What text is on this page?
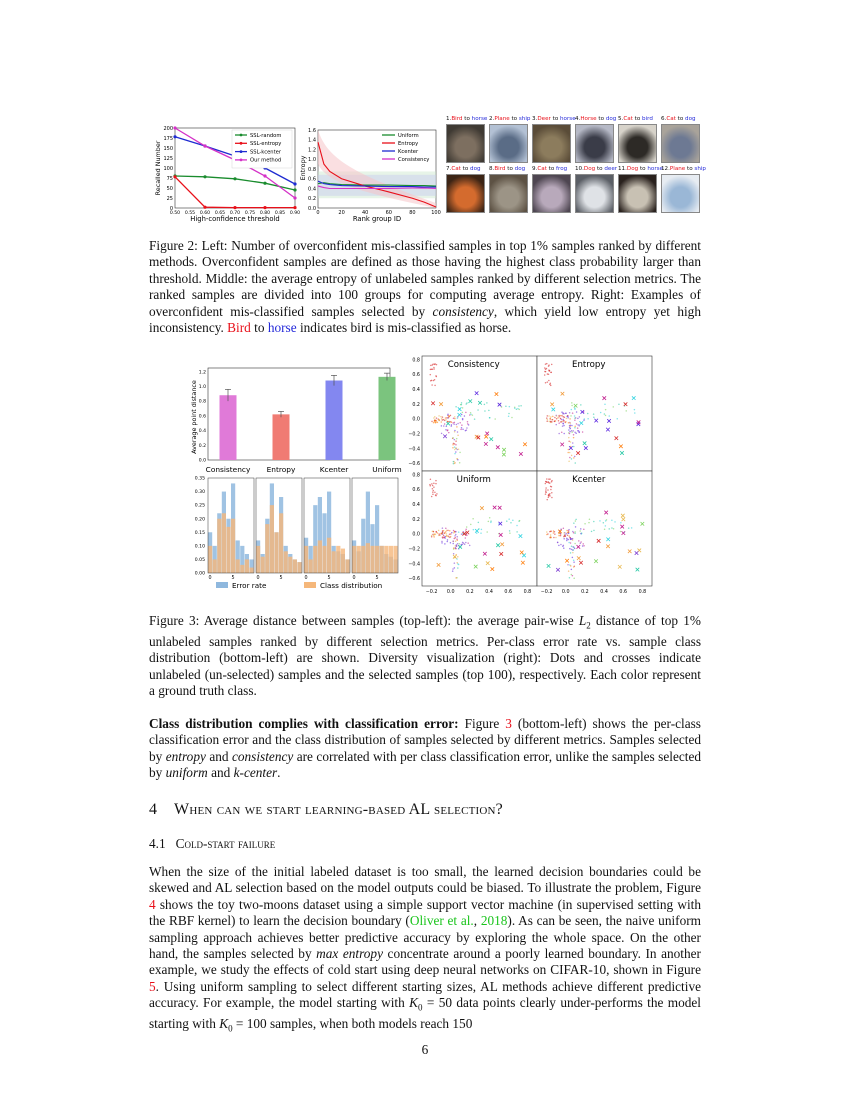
0
25
50
75
100
125
150
175
200
0.50 0.55 0.60 0.65 0.70 0.75 0.80 0.85 0.90
SSL-random
SSL-entropy
SSL-kcenter
Our method
Recalled Number
High-confidence threshold
0.0
0.2
0.4
0.6
0.8
1.0
1.2
1.4
1.6
0	20	40	60	80	100
Uniform
Entropy
Kcenter
Consistency
Entropy
Rank group ID
1.Bird to horse 2.Plane to ship 3.Deer to horse 4.Horse to dog 5.Cat to bird 6.Cat to dog
7.Cat to dog 8.Bird to dog 9.Cat to frog 10.Dog to deer 11.Dog to horse
12.Plane to ship
Figure 2: Left: Number of overconfident mis-classified samples in top 1% samples ranked by different methods. Overconfident samples are defined as those having the highest class probability larger than threshold. Middle: the average entropy of unlabeled samples ranked by different selection metrics. The ranked samples are divided into 100 groups for computing average entropy. Right: Examples of overconfident mis-classified samples selected by consistency, which yield low entropy yet high inconsistency. Bird to horse indicates bird is mis-classified as horse.
0.0
0.2
0.4
0.6
0.8
1.0
1.2
Consistency Entropy	Kcenter	Uniform
Average point distance
0	5	0	5	0	5	0	5
0.00
0.05
0.10
0.15
0.20
0.25
0.30
0.35
Error rate	Class distribution
Consistency
0.8
0.6
0.4
0.2
0.0
−0.2
−0.4
−0.6
Entropy
Uniform
0.8
0.6
0.4
0.2
0.0
−0.2
−0.4
−0.6
−0.2 0.0 0.2 0.4 0.6 0.8
Kcenter
−0.2 0.0 0.2 0.4 0.6 0.8
Figure 3: Average distance between samples (top-left): the average pair-wise $L_2$ distance of top 1% unlabeled samples ranked by different selection metrics. Per-class error rate vs. sample class distribution (bottom-left) are shown. Diversity visualization (right): Dots and crosses indicate unlabeled (un-selected) samples and the selected samples (top 100), respectively. Each color represent a ground truth class.
Class distribution complies with classification error: Figure 3 (bottom-left) shows the per-class classification error and the class distribution of samples selected by different metrics. Samples selected by entropy and consistency are correlated with per class classification error, unlike the samples selected by uniform and k-center.
4 When can we start learning-based AL selection?
4.1 Cold-start failure
When the size of the initial labeled dataset is too small, the learned decision boundaries could be skewed and AL selection based on the model outputs could be biased. To illustrate the problem, Figure 4 shows the toy two-moons dataset using a simple support vector machine (in supervised setting with the RBF kernel) to learn the decision boundary (Oliver et al., 2018). As can be seen, the naive uniform sampling approach achieves better predictive accuracy by exploring the whole space. On the other hand, the samples selected by max entropy concentrate around a poorly learned boundary. In another example, we study the effects of cold start using deep neural networks on CIFAR-10, shown in Figure 5. Using uniform sampling to select different starting sizes, AL methods achieve different predictive accuracy. For example, the model starting with $K_0 = 50$ data points clearly under-performs the model starting with $K_0 = 100$ samples, when both models reach 150
6
